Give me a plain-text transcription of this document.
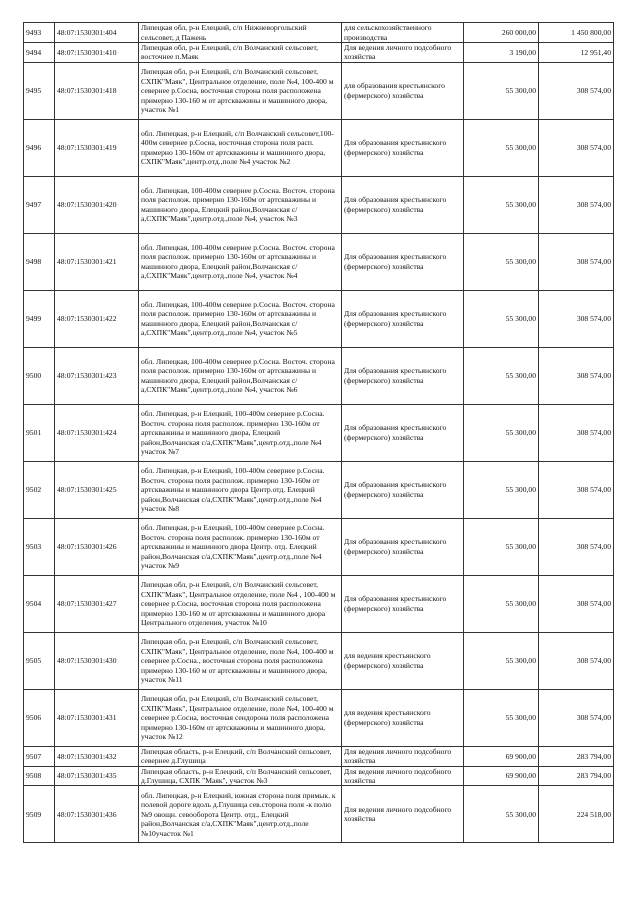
9493	48:07:1530301:404	Липецкая обл, р-н Елецкий, с/п Нижневоргольский сельсовет, д Пажень	для сельскохозяйственного производства	260 000,00	1 450 800,00
9494	48:07:1530301:410	Липецкая обл, р-н Елецкий, с/п Волчанский сельсовет, восточнее п.Маяк	Для ведения личного подсобного хозяйства	3 190,00	12 951,40
9495	48:07:1530301:418	Липецкая обл, р-н Елецкий, с/п Волчанский сельсовет, СХПК"Маяк", Центральное отделение, поле №4, 100-400 м севернее р.Сосна, восточная сторона поля расположена примерно 130-160 м от артскважины и машинного двора, участок №1	для образования крестьянского (фермерского) хозяйства	55 300,00	308 574,00
9496	48:07:1530301:419	обл. Липецкая, р-н Елецкий, с/п Волчанский сельсовет,100-400м севернее р.Сосна, восточная сторона поля расп. примерно 130-160м от артскважины и машинного двора, СХПК"Маяк",центр.отд.,поле №4 участок №2	Для образования крестьянского (фермерского) хозяйства	55 300,00	308 574,00
9497	48:07:1530301:420	обл. Липецкая, 100-400м севернее р.Сосна. Восточ. сторона поля располож. примерно 130-160м от артскважины и машинного двора, Елецкий район,Волчанская с/а,СХПК"Маяк",центр.отд.,поле №4, участок №3	Для образования крестьянского (фермерского) хозяйства	55 300,00	308 574,00
9498	48:07:1530301:421	обл. Липецкая, 100-400м севернее р.Сосна. Восточ. сторона поля располож. примерно 130-160м от артскважины и машинного двора, Елецкий район,Волчанская с/а,СХПК"Маяк",центр.отд.,поле №4, участок №4	Для образования крестьянского (фермерского) хозяйства	55 300,00	308 574,00
9499	48:07:1530301:422	обл. Липецкая, 100-400м севернее р.Сосна. Восточ. сторона поля располож. примерно 130-160м от артскважины и машинного двора, Елецкий район,Волчанская с/а,СХПК"Маяк",центр.отд.,поле №4, участок №5	Для образования крестьянского (фермерского) хозяйства	55 300,00	308 574,00
9500	48:07:1530301:423	обл. Липецкая, 100-400м севернее р.Сосна. Восточ. сторона поля располож. примерно 130-160м от артскважины и машинного двора, Елецкий район,Волчанская с/а,СХПК"Маяк",центр.отд.,поле №4, участок №6	Для образования крестьянского (фермерского) хозяйства	55 300,00	308 574,00
9501	48:07:1530301:424	обл. Липецкая, р-н Елецкий, 100-400м севернее р.Сосна. Восточ. сторона поля располож. примерно 130-160м от артскважины и машинного двора, Елецкий район,Волчанская с/а,СХПК"Маяк",центр.отд.,поле №4 участок №7	Для образования крестьянского (фермерского) хозяйства	55 300,00	308 574,00
9502	48:07:1530301:425	обл. Липецкая, р-н Елецкий, 100-400м севернее р.Сосна. Восточ. сторона поля располож. примерно 130-160м от артскважины и машинного двора Центр.отд. Елецкий район,Волчанская с/а,СХПК"Маяк",центр.отд.,поле №4 участок №8	Для образования крестьянского (фермерского) хозяйства	55 300,00	308 574,00
9503	48:07:1530301:426	обл. Липецкая, р-н Елецкий, 100-400м севернее р.Сосна. Восточ. сторона поля располож. примерно 130-160м от артскважины и машинного двора Центр. отд. Елецкий район,Волчанская с/а,СХПК"Маяк",центр.отд.,поле №4 участок №9	Для образования крестьянского (фермерского) хозяйства	55 300,00	308 574,00
9504	48:07:1530301:427	Липецкая обл, р-н Елецкий, с/п Волчанский сельсовет, СХПК"Маяк", Центральное отделение, поле №4 , 100-400 м севернее р.Сосна, восточная сторона поля расположена примерно 130-160 м от артскважины и машинного двора Центрального отделения, участок №10	Для образования крестьянского (фермерского) хозяйства	55 300,00	308 574,00
9505	48:07:1530301:430	Липецкая обл, р-н Елецкий, с/п Волчанский сельсовет, СХПК"Маяк", Центральное отделение, поле №4, 100-400 м севернее р.Сосна., восточная сторона поля расположена примерно 130-160 м от артскважины и машинного двора, участок №11	для ведения крестьянского (фермерского) хозяйства	55 300,00	308 574,00
9506	48:07:1530301:431	Липецкая обл, р-н Елецкий, с/п Волчанский сельсовет, СХПК"Маяк", Центральное отделение, поле №4, 100-400 м севернее р.Сосна, восточная сендорона поля расположена примерно 130-160м от артскважины и машинного двора, участок №12	для ведения крестьянского (фермерского) хозяйства	55 300,00	308 574,00
9507	48:07:1530301:432	Липецкая область, р-н Елецкий, с/п Волчанский сельсовет, севернее д.Глушица	Для ведения личного подсобного хозяйства	69 900,00	283 794,00
9508	48:07:1530301:435	Липецкая область, р-н Елецкий, с/п Волчанский сельсовет, д.Глушица, СХПК "Маяк", участок №3	Для ведения личного подсобного хозяйства	69 900,00	283 794,00
9509	48:07:1530301:436	обл. Липецкая, р-н Елецкий, южная сторона поля примык. к полевой дороге вдоль д.Глушица сев.сторона поля -к полю №9 овощн. севооборота Центр. отд., Елецкий район,Волчанская с/а,СХПК"Маяк",центр.отд.,поле №10участок №1	Для ведения личного подсобного хозяйства	55 300,00	224 518,00
